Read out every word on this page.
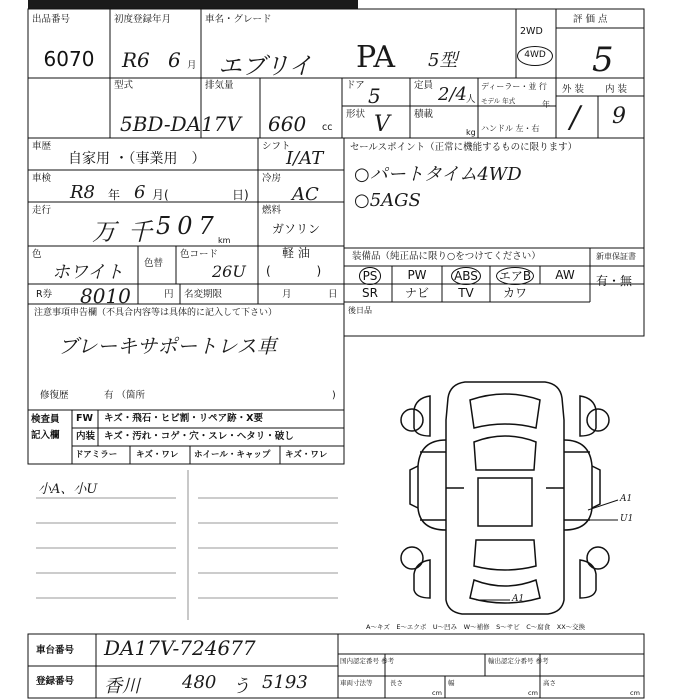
出品番号
6070
初度登録年月
R6 6 月
車名・グレード
エブリイ PA 5型
2WD
4WD
評 価 点
5
型式
5BD-DA17V
排気量
660 cc
ドア 5	定員 2/4 人
ディーラー・並 行
モデル 年式	年
ハンドル 左・右
形状 V	積載
kg
外 装 内 装
/ 9
車歴
自家用 ・（事業用　）
シフト
I/AT
車検
R8 年 6 月(	日)
冷房
AC
走行
万 千 507
km
燃料
ガソリン
軽 油
(            )
色
ホワイト 色替
色コード
26U
R券 8010	円 名変期限	月	日
注意事項申告欄（不具合内容等は具体的に記入して下さい）
ブレーキサポートレス車
修復歴	有 （箇所	)
セールスポイント（正常に機能するものに限ります）
○パートタイム4WD
○5AGS
装備品（純正品に限り○をつけてください）	新車保証書
PS	PW	ABS	エアB	AW
SR	ナビ	TV	カワ
有・無
後日品
検査員
記入欄
FW キズ・飛石・ヒビ割・リペア跡・X要
内装 キズ・汚れ・コゲ・穴・スレ・ヘタリ・破し
ドアミラー キズ・ワレ ホイール・キャップ キズ・ワレ
小A、小U
A1
U1
A1
A～キズ　E～エクボ　U～凹み　W～補修　S～サビ　C～腐食　XX～交換
車台番号 DA17V-724677
登録番号 香川 480 う 5193
国内認定番号 参考
車両寸法等	長さ	幅	高さ
輸出認定分番号 参考
cm	cm	cm
